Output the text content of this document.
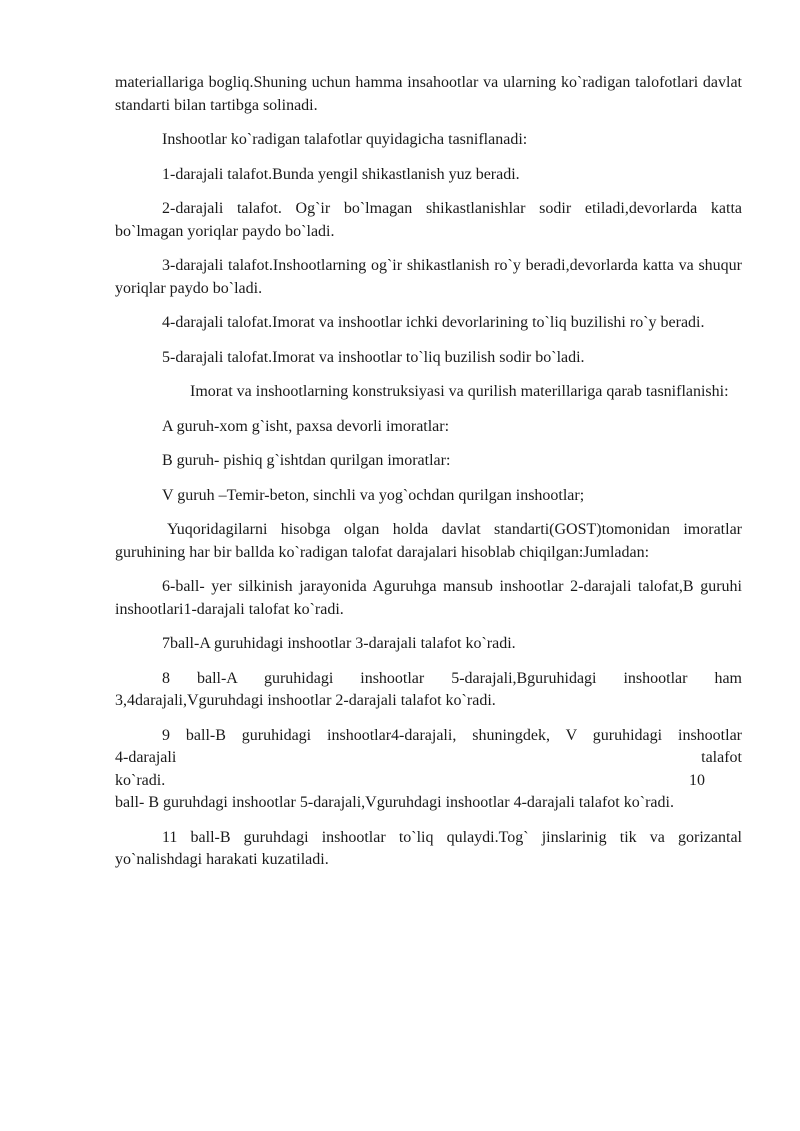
materiallariga bogliq.Shuning uchun hamma insahootlar va ularning ko`radigan talofotlari davlat standarti bilan tartibga solinadi.

Inshootlar ko`radigan talafotlar quyidagicha tasniflanadi:

1-darajali talafot.Bunda yengil shikastlanish yuz beradi.

2-darajali talafot. Og`ir bo`lmagan shikastlanishlar sodir etiladi,devorlarda katta bo`lmagan yoriqlar paydo bo`ladi.

3-darajali talafot.Inshootlarning og`ir shikastlanish ro`y beradi,devorlarda katta va shuqur yoriqlar paydo bo`ladi.

4-darajali talofat.Imorat va inshootlar ichki devorlarining to`liq buzilishi ro`y beradi.

5-darajali talofat.Imorat va inshootlar to`liq buzilish sodir bo`ladi.

Imorat va inshootlarning konstruksiyasi va qurilish materillariga qarab tasniflanishi:

A guruh-xom g`isht, paxsa devorli imoratlar:

B guruh- pishiq g`ishtdan qurilgan imoratlar:

V guruh –Temir-beton, sinchli va yog`ochdan qurilgan inshootlar;

Yuqoridagilarni hisobga olgan holda davlat standarti(GOST)tomonidan imoratlar guruhining har bir ballda ko`radigan talofat darajalari hisoblab chiqilgan:Jumladan:

6-ball- yer silkinish jarayonida Aguruhga mansub inshootlar 2-darajali talofat,B guruhi inshootlari1-darajali talofat ko`radi.

7ball-A guruhidagi inshootlar 3-darajali talafot ko`radi.

8 ball-A guruhidagi inshootlar 5-darajali,Bguruhidagi inshootlar ham 3,4darajali,Vguruhdagi inshootlar 2-darajali talafot ko`radi.

9 ball-B guruhidagi inshootlar4-darajali, shuningdek, V guruhidagi inshootlar
4-darajali talafot
ko`radi.	10
ball- B guruhdagi inshootlar 5-darajali,Vguruhdagi inshootlar 4-darajali talafot ko`radi.

11 ball-B guruhdagi inshootlar to`liq qulaydi.Tog` jinslarinig tik va gorizantal yo`nalishdagi harakati kuzatiladi.
